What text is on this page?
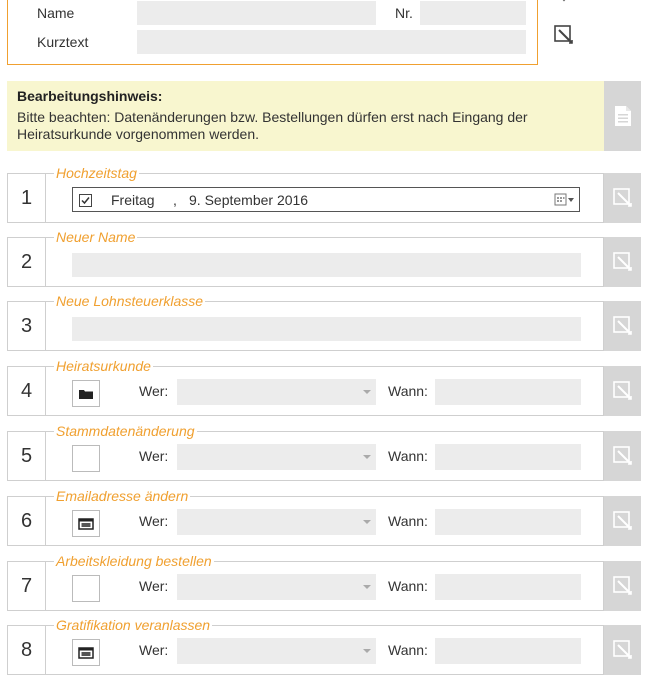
Name	Nr.
Kurztext
Bearbeitungshinweis:
Bitte beachten: Datenänderungen bzw. Bestellungen dürfen erst nach Eingang der Heiratsurkunde vorgenommen werden.
1
Hochzeitstag
Freitag , 9. September 2016
2
Neuer Name
3
Neue Lohnsteuerklasse
4
Heiratsurkunde
Wer:	Wann:
5
Stammdatenänderung
Wer:	Wann:
6
Emailadresse ändern
Wer:	Wann:
7
Arbeitskleidung bestellen
Wer:	Wann:
8
Gratifikation veranlassen
Wer:	Wann:
